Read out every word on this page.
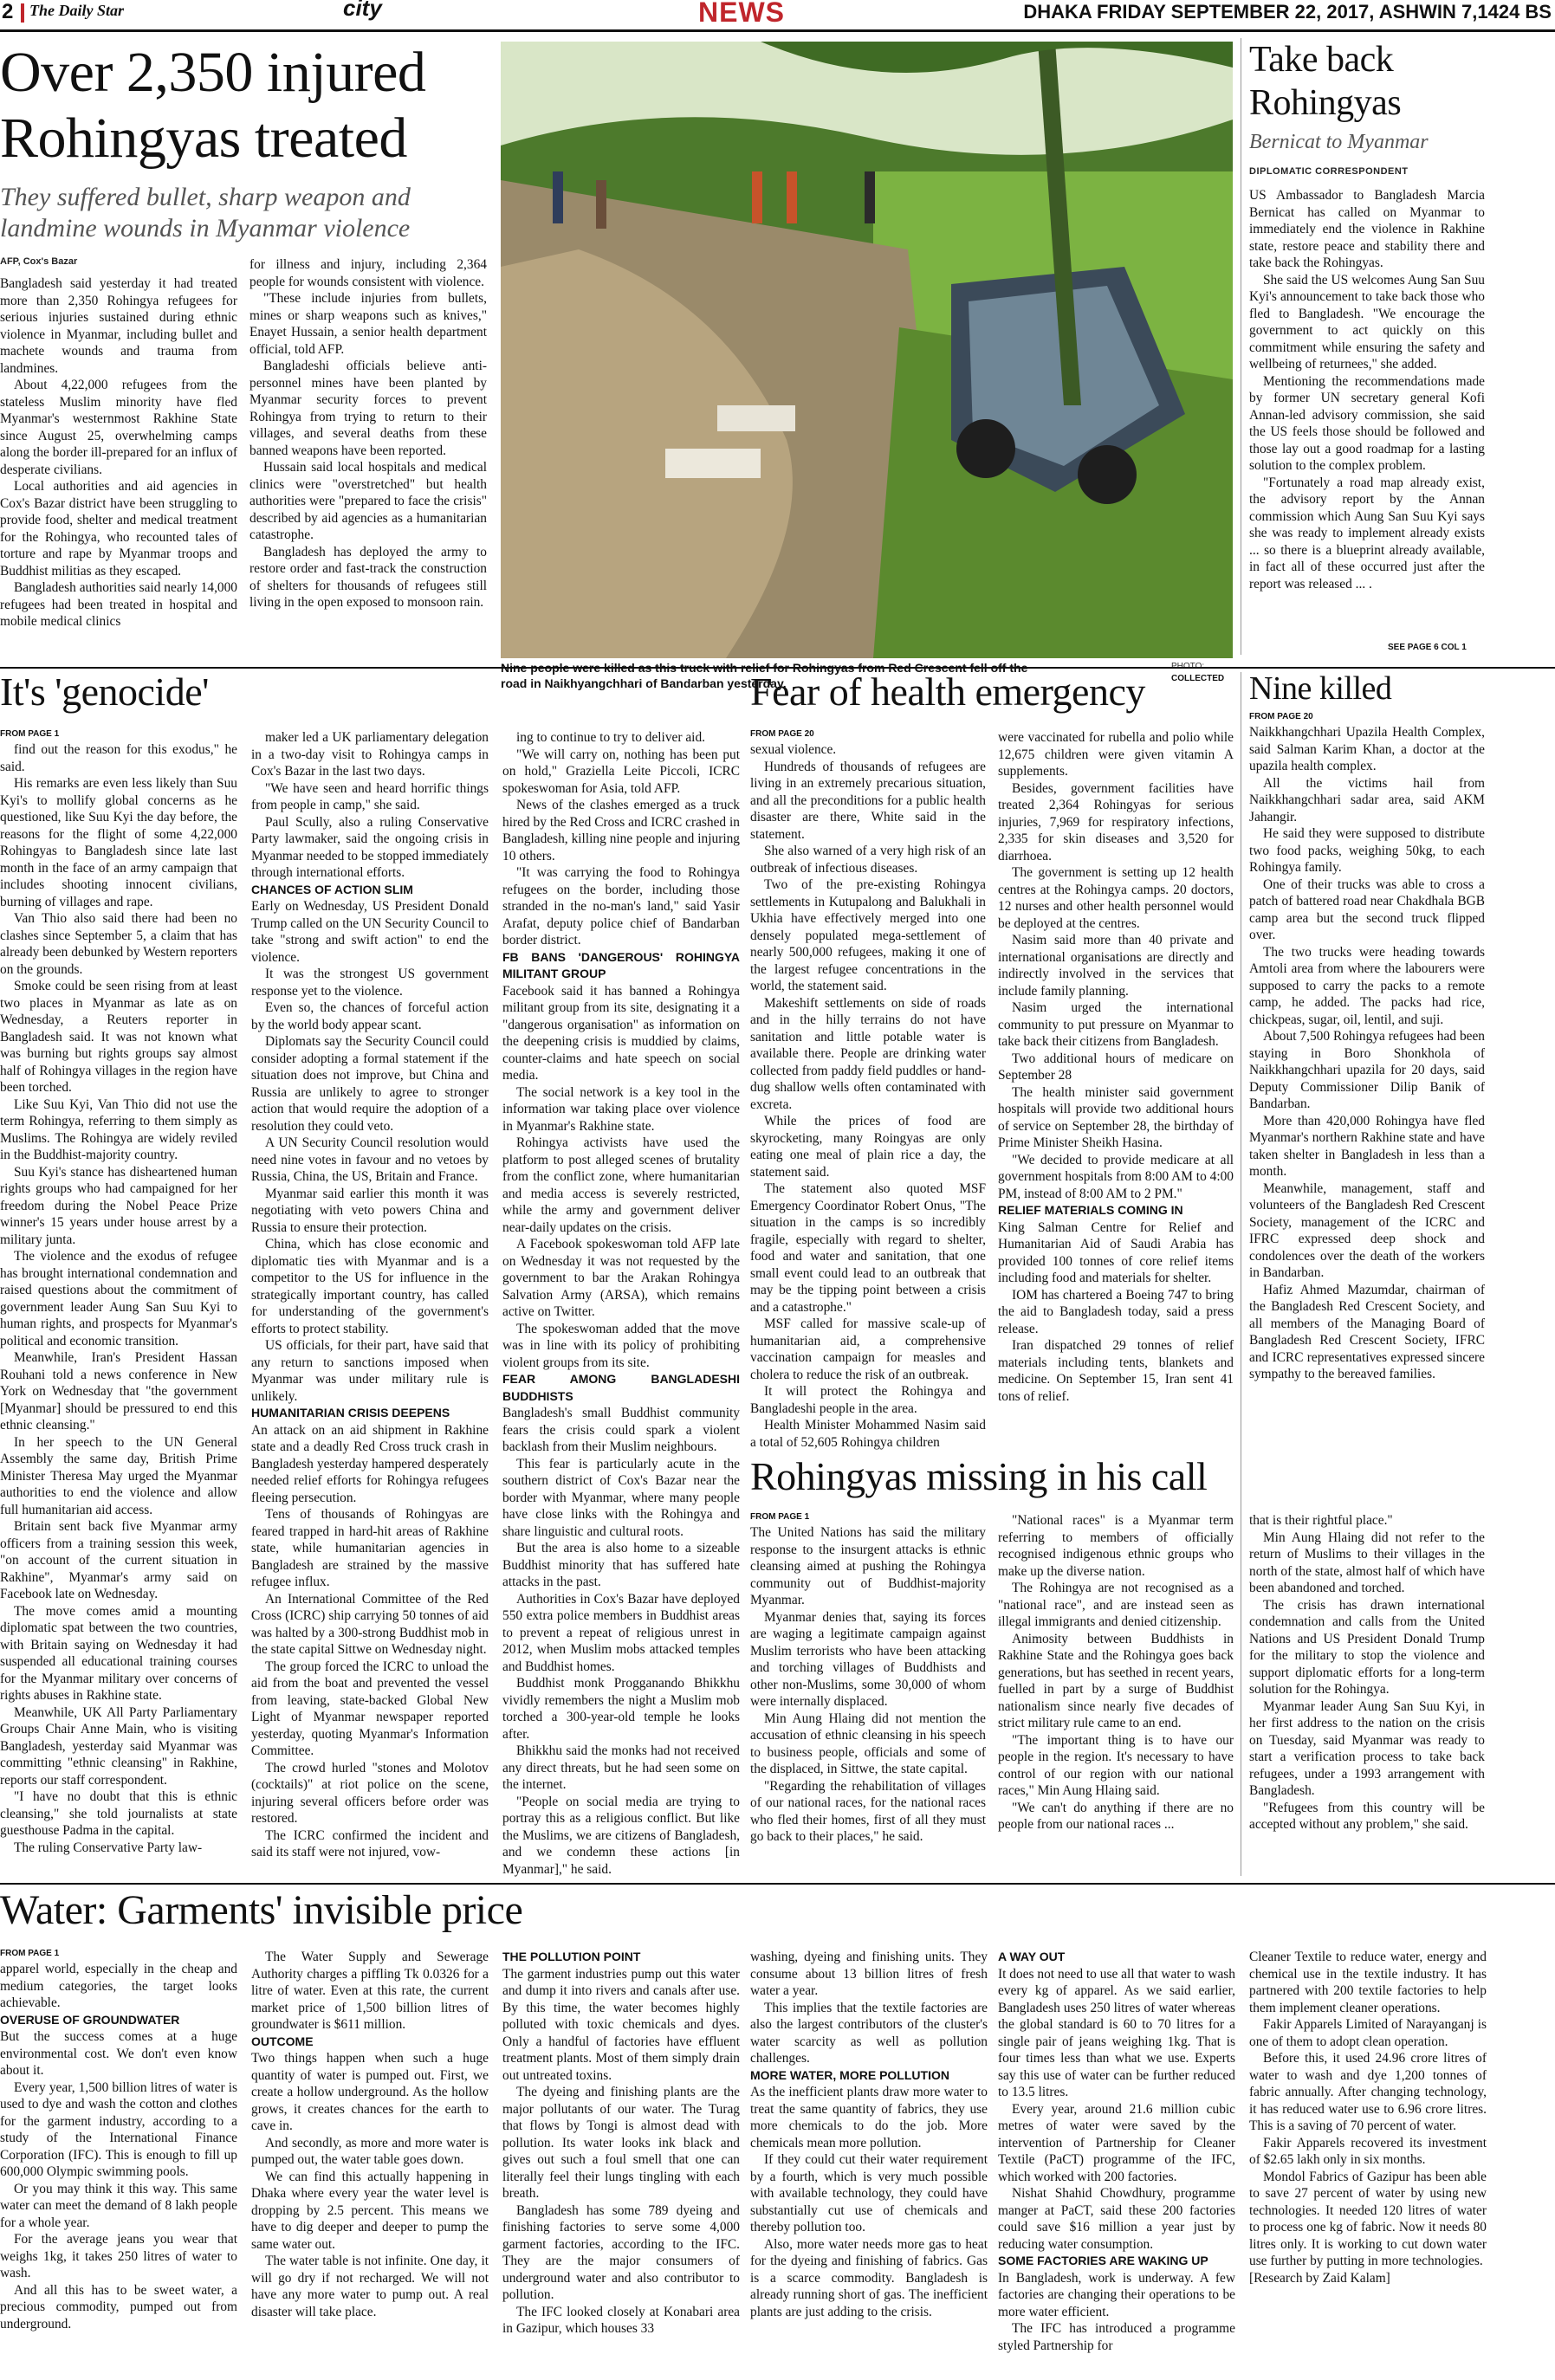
2 The Daily Star	city	NEWS	DHAKA FRIDAY SEPTEMBER 22, 2017, ASHWIN 7,1424 BS
Over 2,350 injured
Rohingyas treated
They suffered bullet, sharp weapon and landmine wounds in Myanmar violence
AFP, Cox's Bazar

Bangladesh said yesterday it had treated more than 2,350 Rohingya refugees for serious injuries sustained during ethnic violence in Myanmar, including bullet and machete wounds and trauma from landmines.

About 4,22,000 refugees from the stateless Muslim minority have fled Myanmar's westernmost Rakhine State since August 25, overwhelming camps along the border ill-prepared for an influx of desperate civilians.

Local authorities and aid agencies in Cox's Bazar district have been struggling to provide food, shelter and medical treatment for the Rohingya, who recounted tales of torture and rape by Myanmar troops and Buddhist militias as they escaped.

Bangladesh authorities said nearly 14,000 refugees had been treated in hospital and mobile medical clinics

for illness and injury, including 2,364 people for wounds consistent with violence.

"These include injuries from bullets, mines or sharp weapons such as knives," Enayet Hussain, a senior health department official, told AFP.

Bangladeshi officials believe anti-personnel mines have been planted by Myanmar security forces to prevent Rohingya from trying to return to their villages, and several deaths from these banned weapons have been reported.

Hussain said local hospitals and medical clinics were "overstretched" but health authorities were "prepared to face the crisis" described by aid agencies as a humanitarian catastrophe.

Bangladesh has deployed the army to restore order and fast-track the construction of shelters for thousands of refugees still living in the open exposed to monsoon rain.

Nine people were killed as this truck with relief for Rohingyas from Red Crescent fell off the road in Naikhyangchhari of Bandarban yesterday.
PHOTO:
COLLECTED
Take back
Rohingyas
Bernicat to Myanmar
DIPLOMATIC CORRESPONDENT

US Ambassador to Bangladesh Marcia Bernicat has called on Myanmar to immediately end the violence in Rakhine state, restore peace and stability there and take back the Rohingyas.

She said the US welcomes Aung San Suu Kyi's announcement to take back those who fled to Bangladesh. "We encourage the government to act quickly on this commitment while ensuring the safety and wellbeing of returnees," she added.

Mentioning the recommendations made by former UN secretary general Kofi Annan-led advisory commission, she said the US feels those should be followed and those lay out a good roadmap for a lasting solution to the complex problem.

"Fortunately a road map already exist, the advisory report by the Annan commission which Aung San Suu Kyi says she was ready to implement already exists ... so there is a blueprint already available, in fact all of these occurred just after the report was released ... .

SEE PAGE 6 COL 1
It's 'genocide'
FROM PAGE 1

find out the reason for this exodus," he said.

His remarks are even less likely than Suu Kyi's to mollify global concerns as he questioned, like Suu Kyi the day before, the reasons for the flight of some 4,22,000 Rohingyas to Bangladesh since late last month in the face of an army campaign that includes shooting innocent civilians, burning of villages and rape.

Van Thio also said there had been no clashes since September 5, a claim that has already been debunked by Western reporters on the grounds.

Smoke could be seen rising from at least two places in Myanmar as late as on Wednesday, a Reuters reporter in Bangladesh said. It was not known what was burning but rights groups say almost half of Rohingya villages in the region have been torched.

Like Suu Kyi, Van Thio did not use the term Rohingya, referring to them simply as Muslims. The Rohingya are widely reviled in the Buddhist-majority country.

Suu Kyi's stance has disheartened human rights groups who had campaigned for her freedom during the Nobel Peace Prize winner's 15 years under house arrest by a military junta.

The violence and the exodus of refugee has brought international condemnation and raised questions about the commitment of government leader Aung San Suu Kyi to human rights, and prospects for Myanmar's political and economic transition.

Meanwhile, Iran's President Hassan Rouhani told a news conference in New York on Wednesday that "the government [Myanmar] should be pressured to end this ethnic cleansing."

In her speech to the UN General Assembly the same day, British Prime Minister Theresa May urged the Myanmar authorities to end the violence and allow full humanitarian aid access.

Britain sent back five Myanmar army officers from a training session this week, "on account of the current situation in Rakhine", Myanmar's army said on Facebook late on Wednesday.

The move comes amid a mounting diplomatic spat between the two countries, with Britain saying on Wednesday it had suspended all educational training courses for the Myanmar military over concerns of rights abuses in Rakhine state.

Meanwhile, UK All Party Parliamentary Groups Chair Anne Main, who is visiting Bangladesh, yesterday said Myanmar was committing "ethnic cleansing" in Rakhine, reports our staff correspondent.

"I have no doubt that this is ethnic cleansing," she told journalists at state guesthouse Padma in the capital.

The ruling Conservative Party law-

maker led a UK parliamentary delegation in a two-day visit to Rohingya camps in Cox's Bazar in the last two days.

"We have seen and heard horrific things from people in camp," she said.

Paul Scully, also a ruling Conservative Party lawmaker, said the ongoing crisis in Myanmar needed to be stopped immediately through international efforts.

CHANCES OF ACTION SLIM

Early on Wednesday, US President Donald Trump called on the UN Security Council to take "strong and swift action" to end the violence.

It was the strongest US government response yet to the violence.

Even so, the chances of forceful action by the world body appear scant.

Diplomats say the Security Council could consider adopting a formal statement if the situation does not improve, but China and Russia are unlikely to agree to stronger action that would require the adoption of a resolution they could veto.

A UN Security Council resolution would need nine votes in favour and no vetoes by Russia, China, the US, Britain and France.

Myanmar said earlier this month it was negotiating with veto powers China and Russia to ensure their protection.

China, which has close economic and diplomatic ties with Myanmar and is a competitor to the US for influence in the strategically important country, has called for understanding of the government's efforts to protect stability.

US officials, for their part, have said that any return to sanctions imposed when Myanmar was under military rule is unlikely.

HUMANITARIAN CRISIS DEEPENS

An attack on an aid shipment in Rakhine state and a deadly Red Cross truck crash in Bangladesh yesterday hampered desperately needed relief efforts for Rohingya refugees fleeing persecution.

Tens of thousands of Rohingyas are feared trapped in hard-hit areas of Rakhine state, while humanitarian agencies in Bangladesh are strained by the massive refugee influx.

An International Committee of the Red Cross (ICRC) ship carrying 50 tonnes of aid was halted by a 300-strong Buddhist mob in the state capital Sittwe on Wednesday night.

The group forced the ICRC to unload the aid from the boat and prevented the vessel from leaving, state-backed Global New Light of Myanmar newspaper reported yesterday, quoting Myanmar's Information Committee.

The crowd hurled "stones and Molotov (cocktails)" at riot police on the scene, injuring several officers before order was restored.

The ICRC confirmed the incident and said its staff were not injured, vow-

ing to continue to try to deliver aid.

"We will carry on, nothing has been put on hold," Graziella Leite Piccoli, ICRC spokeswoman for Asia, told AFP.

News of the clashes emerged as a truck hired by the Red Cross and ICRC crashed in Bangladesh, killing nine people and injuring 10 others.

"It was carrying the food to Rohingya refugees on the border, including those stranded in the no-man's land," said Yasir Arafat, deputy police chief of Bandarban border district.

FB BANS 'DANGEROUS' ROHINGYA MILITANT GROUP

Facebook said it has banned a Rohingya militant group from its site, designating it a "dangerous organisation" as information on the deepening crisis is muddied by claims, counter-claims and hate speech on social media.

The social network is a key tool in the information war taking place over violence in Myanmar's Rakhine state.

Rohingya activists have used the platform to post alleged scenes of brutality from the conflict zone, where humanitarian and media access is severely restricted, while the army and government deliver near-daily updates on the crisis.

A Facebook spokeswoman told AFP late on Wednesday it was not requested by the government to bar the Arakan Rohingya Salvation Army (ARSA), which remains active on Twitter.

The spokeswoman added that the move was in line with its policy of prohibiting violent groups from its site.

FEAR AMONG BANGLADESHI BUDDHISTS

Bangladesh's small Buddhist community fears the crisis could spark a violent backlash from their Muslim neighbours.

This fear is particularly acute in the southern district of Cox's Bazar near the border with Myanmar, where many people have close links with the Rohingya and share linguistic and cultural roots.

But the area is also home to a sizeable Buddhist minority that has suffered hate attacks in the past.

Authorities in Cox's Bazar have deployed 550 extra police members in Buddhist areas to prevent a repeat of religious unrest in 2012, when Muslim mobs attacked temples and Buddhist homes.

Buddhist monk Progganando Bhikkhu vividly remembers the night a Muslim mob torched a 300-year-old temple he looks after.

Bhikkhu said the monks had not received any direct threats, but he had seen some on the internet.

"People on social media are trying to portray this as a religious conflict. But like the Muslims, we are citizens of Bangladesh, and we condemn these actions [in Myanmar]," he said.

Fear of health emergency
FROM PAGE 20

sexual violence.

Hundreds of thousands of refugees are living in an extremely precarious situation, and all the preconditions for a public health disaster are there, White said in the statement.

She also warned of a very high risk of an outbreak of infectious diseases.

Two of the pre-existing Rohingya settlements in Kutupalong and Balukhali in Ukhia have effectively merged into one densely populated mega-settlement of nearly 500,000 refugees, making it one of the largest refugee concentrations in the world, the statement said.

Makeshift settlements on side of roads and in the hilly terrains do not have sanitation and little potable water is available there. People are drinking water collected from paddy field puddles or hand-dug shallow wells often contaminated with excreta.

While the prices of food are skyrocketing, many Roingyas are only eating one meal of plain rice a day, the statement said.

The statement also quoted MSF Emergency Coordinator Robert Onus, "The situation in the camps is so incredibly fragile, especially with regard to shelter, food and water and sanitation, that one small event could lead to an outbreak that may be the tipping point between a crisis and a catastrophe."

MSF called for massive scale-up of humanitarian aid, a comprehensive vaccination campaign for measles and cholera to reduce the risk of an outbreak.

It will protect the Rohingya and Bangladeshi people in the area.

Health Minister Mohammed Nasim said a total of 52,605 Rohingya children

were vaccinated for rubella and polio while 12,675 children were given vitamin A supplements.

Besides, government facilities have treated 2,364 Rohingyas for serious injuries, 7,969 for respiratory infections, 2,335 for skin diseases and 3,520 for diarrhoea.

The government is setting up 12 health centres at the Rohingya camps. 20 doctors, 12 nurses and other health personnel would be deployed at the centres.

Nasim said more than 40 private and international organisations are directly and indirectly involved in the services that include family planning.

Nasim urged the international community to put pressure on Myanmar to take back their citizens from Bangladesh.

Two additional hours of medicare on September 28

The health minister said government hospitals will provide two additional hours of service on September 28, the birthday of Prime Minister Sheikh Hasina.

"We decided to provide medicare at all government hospitals from 8:00 AM to 4:00 PM, instead of 8:00 AM to 2 PM."

RELIEF MATERIALS COMING IN

King Salman Centre for Relief and Humanitarian Aid of Saudi Arabia has provided 100 tonnes of core relief items including food and materials for shelter.

IOM has chartered a Boeing 747 to bring the aid to Bangladesh today, said a press release.

Iran dispatched 29 tonnes of relief materials including tents, blankets and medicine. On September 15, Iran sent 41 tons of relief.

Nine killed
FROM PAGE 20

Naikkhangchhari Upazila Health Complex, said Salman Karim Khan, a doctor at the upazila health complex.

All the victims hail from Naikkhangchhari sadar area, said AKM Jahangir.

He said they were supposed to distribute two food packs, weighing 50kg, to each Rohingya family.

One of their trucks was able to cross a patch of battered road near Chakdhala BGB camp area but the second truck flipped over.

The two trucks were heading towards Amtoli area from where the labourers were supposed to carry the packs to a remote camp, he added. The packs had rice, chickpeas, sugar, oil, lentil, and suji.

About 7,500 Rohingya refugees had been staying in Boro Shonkhola of Naikkhangchhari upazila for 20 days, said Deputy Commissioner Dilip Banik of Bandarban.

More than 420,000 Rohingya have fled Myanmar's northern Rakhine state and have taken shelter in Bangladesh in less than a month.

Meanwhile, management, staff and volunteers of the Bangladesh Red Crescent Society, management of the ICRC and IFRC expressed deep shock and condolences over the death of the workers in Bandarban.

Hafiz Ahmed Mazumdar, chairman of the Bangladesh Red Crescent Society, and all members of the Managing Board of Bangladesh Red Crescent Society, IFRC and ICRC representatives expressed sincere sympathy to the bereaved families.

Rohingyas missing in his call
FROM PAGE 1

The United Nations has said the military response to the insurgent attacks is ethnic cleansing aimed at pushing the Rohingya community out of Buddhist-majority Myanmar.

Myanmar denies that, saying its forces are waging a legitimate campaign against Muslim terrorists who have been attacking and torching villages of Buddhists and other non-Muslims, some 30,000 of whom were internally displaced.

Min Aung Hlaing did not mention the accusation of ethnic cleansing in his speech to business people, officials and some of the displaced, in Sittwe, the state capital.

"Regarding the rehabilitation of villages of our national races, for the national races who fled their homes, first of all they must go back to their places," he said.

"National races" is a Myanmar term referring to members of officially recognised indigenous ethnic groups who make up the diverse nation.

The Rohingya are not recognised as a "national race", and are instead seen as illegal immigrants and denied citizenship.

Animosity between Buddhists in Rakhine State and the Rohingya goes back generations, but has seethed in recent years, fuelled in part by a surge of Buddhist nationalism since nearly five decades of strict military rule came to an end.

"The important thing is to have our people in the region. It's necessary to have control of our region with our national races," Min Aung Hlaing said.

"We can't do anything if there are no people from our national races ...

that is their rightful place."

Min Aung Hlaing did not refer to the return of Muslims to their villages in the north of the state, almost half of which have been abandoned and torched.

The crisis has drawn international condemnation and calls from the United Nations and US President Donald Trump for the military to stop the violence and support diplomatic efforts for a long-term solution for the Rohingya.

Myanmar leader Aung San Suu Kyi, in her first address to the nation on the crisis on Tuesday, said Myanmar was ready to start a verification process to take back refugees, under a 1993 arrangement with Bangladesh.

"Refugees from this country will be accepted without any problem," she said.

Water: Garments' invisible price
FROM PAGE 1

apparel world, especially in the cheap and medium categories, the target looks achievable.

OVERUSE OF GROUNDWATER

But the success comes at a huge environmental cost. We don't even know about it.

Every year, 1,500 billion litres of water is used to dye and wash the cotton and clothes for the garment industry, according to a study of the International Finance Corporation (IFC). This is enough to fill up 600,000 Olympic swimming pools.

Or you may think it this way. This same water can meet the demand of 8 lakh people for a whole year.

For the average jeans you wear that weighs 1kg, it takes 250 litres of water to wash.

And all this has to be sweet water, a precious commodity, pumped out from underground.

The Water Supply and Sewerage Authority charges a piffling Tk 0.0326 for a litre of water. Even at this rate, the current market price of 1,500 billion litres of groundwater is $611 million.

OUTCOME

Two things happen when such a huge quantity of water is pumped out. First, we create a hollow underground. As the hollow grows, it creates chances for the earth to cave in.

And secondly, as more and more water is pumped out, the water table goes down.

We can find this actually happening in Dhaka where every year the water level is dropping by 2.5 percent. This means we have to dig deeper and deeper to pump the same water out.

The water table is not infinite. One day, it will go dry if not recharged. We will not have any more water to pump out. A real disaster will take place.

THE POLLUTION POINT

The garment industries pump out this water and dump it into rivers and canals after use. By this time, the water becomes highly polluted with toxic chemicals and dyes. Only a handful of factories have effluent treatment plants. Most of them simply drain out untreated toxins.

The dyeing and finishing plants are the major pollutants of our water. The Turag that flows by Tongi is almost dead with pollution. Its water looks ink black and gives out such a foul smell that one can literally feel their lungs tingling with each breath.

Bangladesh has some 789 dyeing and finishing factories to serve some 4,000 garment factories, according to the IFC. They are the major consumers of underground water and also contributor to pollution.

The IFC looked closely at Konabari area in Gazipur, which houses 33

washing, dyeing and finishing units. They consume about 13 billion litres of fresh water a year.

This implies that the textile factories are also the largest contributors of the cluster's water scarcity as well as pollution challenges.

MORE WATER, MORE POLLUTION

As the inefficient plants draw more water to treat the same quantity of fabrics, they use more chemicals to do the job. More chemicals mean more pollution.

If they could cut their water requirement by a fourth, which is very much possible with available technology, they could have substantially cut use of chemicals and thereby pollution too.

Also, more water needs more gas to heat for the dyeing and finishing of fabrics. Gas is a scarce commodity. Bangladesh is already running short of gas. The inefficient plants are just adding to the crisis.

A WAY OUT

It does not need to use all that water to wash every kg of apparel. As we said earlier, Bangladesh uses 250 litres of water whereas the global standard is 60 to 70 litres for a single pair of jeans weighing 1kg. That is four times less than what we use. Experts say this use of water can be further reduced to 13.5 litres.

Every year, around 21.6 million cubic metres of water were saved by the intervention of Partnership for Cleaner Textile (PaCT) programme of the IFC, which worked with 200 factories.

Nishat Shahid Chowdhury, programme manger at PaCT, said these 200 factories could save $16 million a year just by reducing water consumption.

SOME FACTORIES ARE WAKING UP

In Bangladesh, work is underway. A few factories are changing their operations to be more water efficient.

The IFC has introduced a programme styled Partnership for

Cleaner Textile to reduce water, energy and chemical use in the textile industry. It has partnered with 200 textile factories to help them implement cleaner operations.

Fakir Apparels Limited of Narayanganj is one of them to adopt clean operation.

Before this, it used 24.96 crore litres of water to wash and dye 1,200 tonnes of fabric annually. After changing technology, it has reduced water use to 6.96 crore litres. This is a saving of 70 percent of water.

Fakir Apparels recovered its investment of $2.65 lakh only in six months.

Mondol Fabrics of Gazipur has been able to save 27 percent of water by using new technologies. It needed 120 litres of water to process one kg of fabric. Now it needs 80 litres only. It is working to cut down water use further by putting in more technologies.

[Research by Zaid Kalam]
